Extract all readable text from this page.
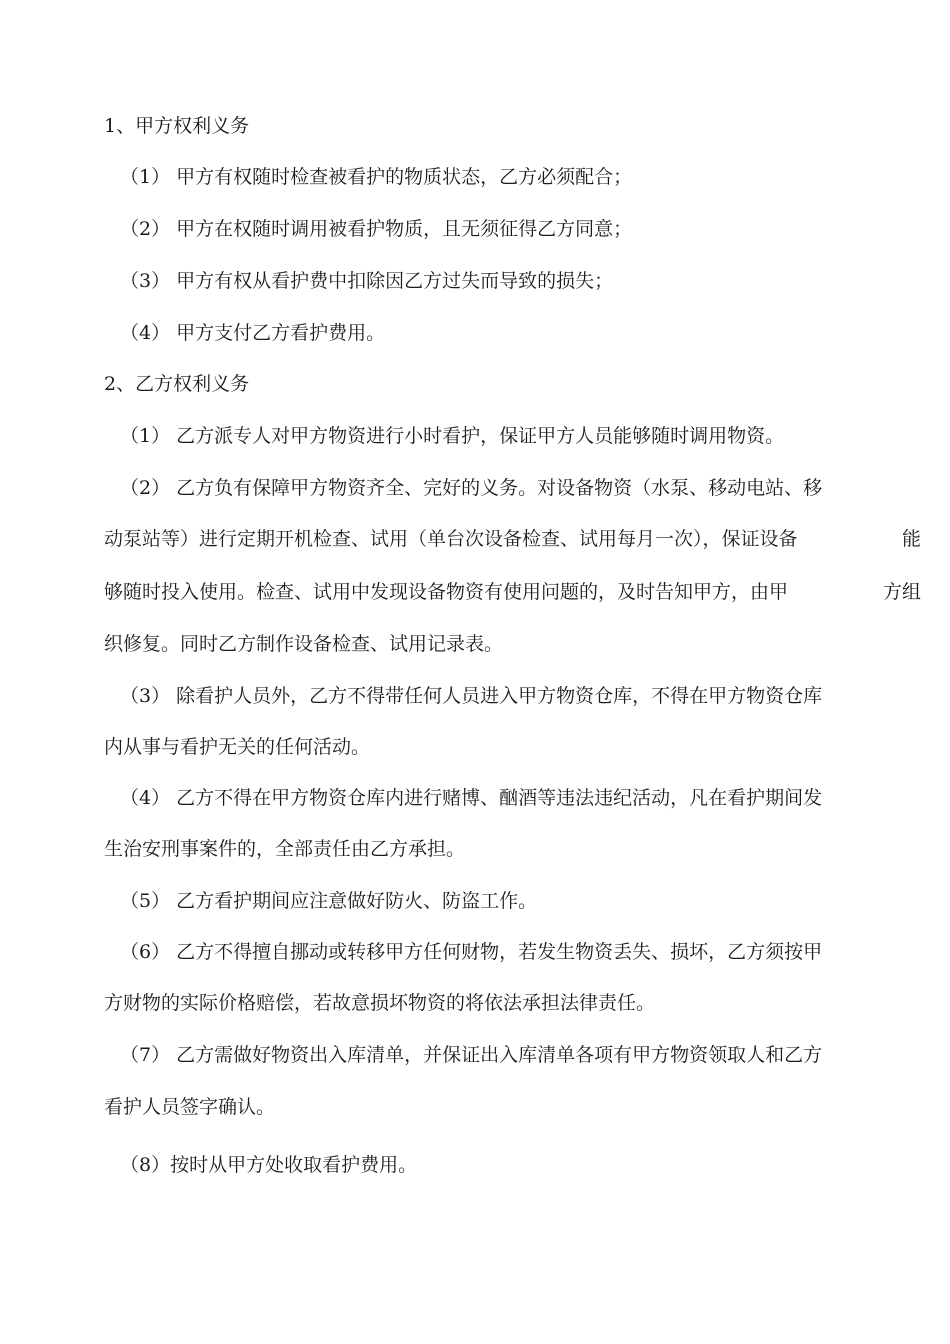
1、甲方权利义务
（1） 甲方有权随时检查被看护的物质状态，乙方必须配合；
（2） 甲方在权随时调用被看护物质，且无须征得乙方同意；
（3） 甲方有权从看护费中扣除因乙方过失而导致的损失；
（4） 甲方支付乙方看护费用。
2、乙方权利义务
（1） 乙方派专人对甲方物资进行小时看护，保证甲方人员能够随时调用物资。
（2） 乙方负有保障甲方物资齐全、完好的义务。对设备物资（水泵、移动电站、移
动泵站等）进行定期开机检查、试用（单台次设备检查、试用每月一次），保证设备	能
够随时投入使用。检查、试用中发现设备物资有使用问题的，及时告知甲方，由甲	方组
织修复。同时乙方制作设备检查、试用记录表。
（3） 除看护人员外，乙方不得带任何人员进入甲方物资仓库，不得在甲方物资仓库
内从事与看护无关的任何活动。
（4） 乙方不得在甲方物资仓库内进行赌博、酗酒等违法违纪活动，凡在看护期间发
生治安刑事案件的，全部责任由乙方承担。
（5） 乙方看护期间应注意做好防火、防盗工作。
（6） 乙方不得擅自挪动或转移甲方任何财物，若发生物资丢失、损坏，乙方须按甲
方财物的实际价格赔偿，若故意损坏物资的将依法承担法律责任。
（7） 乙方需做好物资出入库清单，并保证出入库清单各项有甲方物资领取人和乙方
看护人员签字确认。
（8）按时从甲方处收取看护费用。
